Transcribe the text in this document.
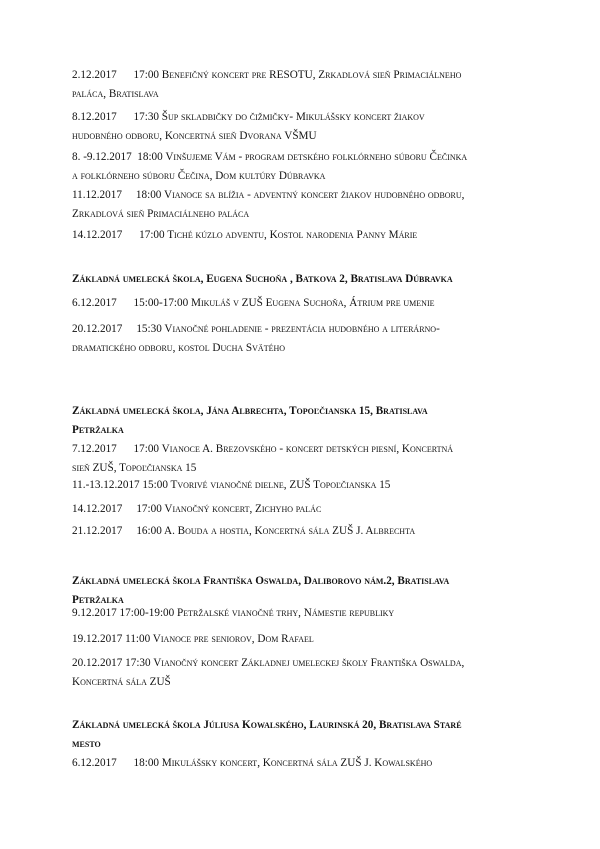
2.12.2017      17:00 Benefičný koncert pre RESOTU, Zrkadlová sieň Primaciálneho
paláca, Bratislava
8.12.2017      17:30 Šup skladbičky do čižmičky- Mikulášsky koncert žiakov
hudobného odboru, Koncertná sieň Dvorana VŠMU
8. -9.12.2017  18:00 Vinšujeme Vám - program detského folklórneho súboru Čečinka
a folklórneho súboru Čečina, Dom kultúry Dúbravka
11.12.2017     18:00 Vianoce sa blížia - adventný koncert žiakov hudobného odboru,
Zrkadlová sieň Primaciálneho paláca
14.12.2017      17:00 Tiché kúzlo adventu, Kostol narodenia Panny Márie
Základná umelecká škola, Eugena Suchoňa , Batkova 2, Bratislava Dúbravka
6.12.2017      15:00-17:00 Mikuláš v ZUŠ Eugena Suchoňa, Átrium pre umenie
20.12.2017     15:30 Vianočné pohladenie - prezentácia hudobného a literárno-
dramatického odboru, kostol Ducha Svätého
Základná umelecká škola, Jána Albrechta, Topoľčianska 15, Bratislava
Petržalka
7.12.2017      17:00 Vianoce A. Brezovského - koncert detských piesní, Koncertná
sieň ZUŠ, Topoľčianska 15
11.-13.12.2017 15:00 Tvorivé vianočné dielne, ZUŠ Topoľčianska 15
14.12.2017     17:00 Vianočný koncert, Zichyho palác
21.12.2017     16:00 A. Bouda a hostia, Koncertná sála ZUŠ J. Albrechta
Základná umelecká škola Františka Oswalda, Daliborovo nám.2, Bratislava
Petržalka
9.12.2017 17:00-19:00 Petržalské vianočné trhy, Námestie republiky
19.12.2017 11:00 Vianoce pre seniorov, Dom Rafael
20.12.2017 17:30 Vianočný koncert Základnej umeleckej školy Františka Oswalda,
Koncertná sála ZUŠ
Základná umelecká škola Júliusa Kowalského, Laurinská 20, Bratislava Staré
mesto
6.12.2017      18:00 Mikulášsky koncert, Koncertná sála ZUŠ J. Kowalského
